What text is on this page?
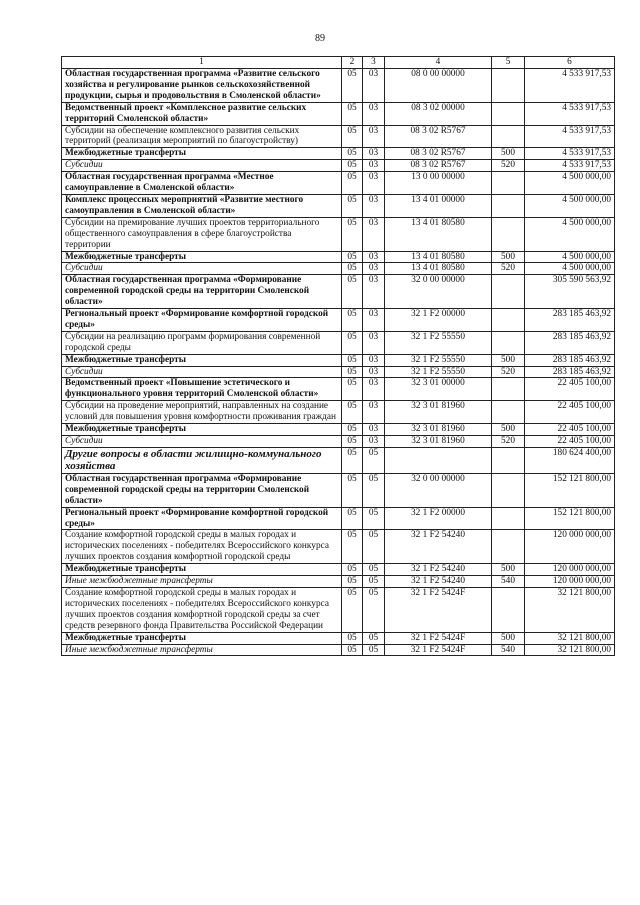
89
1	2	3	4	5	6
Областная государственная программа «Развитие сельского хозяйства и регулирование рынков сельскохозяйственной продукции, сырья и продовольствия в Смоленской области»	05	03	08 0 00 00000		4 533 917,53
Ведомственный проект «Комплексное развитие сельских территорий Смоленской области»	05	03	08 3 02 00000		4 533 917,53
Субсидии на обеспечение комплексного развития сельских территорий (реализация мероприятий по благоустройству)	05	03	08 3 02 R5767		4 533 917,53
Межбюджетные трансферты	05	03	08 3 02 R5767	500	4 533 917,53
Субсидии	05	03	08 3 02 R5767	520	4 533 917,53
Областная государственная программа «Местное самоуправление в Смоленской области»	05	03	13 0 00 00000		4 500 000,00
Комплекс процессных мероприятий «Развитие местного самоуправления в Смоленской области»	05	03	13 4 01 00000		4 500 000,00
Субсидии на премирование лучших проектов территориального общественного самоуправления в сфере благоустройства территории	05	03	13 4 01 80580		4 500 000,00
Межбюджетные трансферты	05	03	13 4 01 80580	500	4 500 000,00
Субсидии	05	03	13 4 01 80580	520	4 500 000,00
Областная государственная программа «Формирование современной городской среды на территории Смоленской области»	05	03	32 0 00 00000		305 590 563,92
Региональный проект «Формирование комфортной городской среды»	05	03	32 1 F2 00000		283 185 463,92
Субсидии на реализацию программ формирования современной городской среды	05	03	32 1 F2 55550		283 185 463,92
Межбюджетные трансферты	05	03	32 1 F2 55550	500	283 185 463,92
Субсидии	05	03	32 1 F2 55550	520	283 185 463,92
Ведомственный проект «Повышение эстетического и функционального уровня территорий Смоленской области»	05	03	32 3 01 00000		22 405 100,00
Субсидии на проведение мероприятий, направленных на создание условий для повышения уровня комфортности проживания граждан	05	03	32 3 01 81960		22 405 100,00
Межбюджетные трансферты	05	03	32 3 01 81960	500	22 405 100,00
Субсидии	05	03	32 3 01 81960	520	22 405 100,00
Другие вопросы в области жилищно-коммунального хозяйства	05	05			180 624 400,00
Областная государственная программа «Формирование современной городской среды на территории Смоленской области»	05	05	32 0 00 00000		152 121 800,00
Региональный проект «Формирование комфортной городской среды»	05	05	32 1 F2 00000		152 121 800,00
Создание комфортной городской среды в малых городах и исторических поселениях - победителях Всероссийского конкурса лучших проектов создания комфортной городской среды	05	05	32 1 F2 54240		120 000 000,00
Межбюджетные трансферты	05	05	32 1 F2 54240	500	120 000 000,00
Иные межбюджетные трансферты	05	05	32 1 F2 54240	540	120 000 000,00
Создание комфортной городской среды в малых городах и исторических поселениях - победителях Всероссийского конкурса лучших проектов создания комфортной городской среды за счет средств резервного фонда Правительства Российской Федерации	05	05	32 1 F2 5424F		32 121 800,00
Межбюджетные трансферты	05	05	32 1 F2 5424F	500	32 121 800,00
Иные межбюджетные трансферты	05	05	32 1 F2 5424F	540	32 121 800,00
